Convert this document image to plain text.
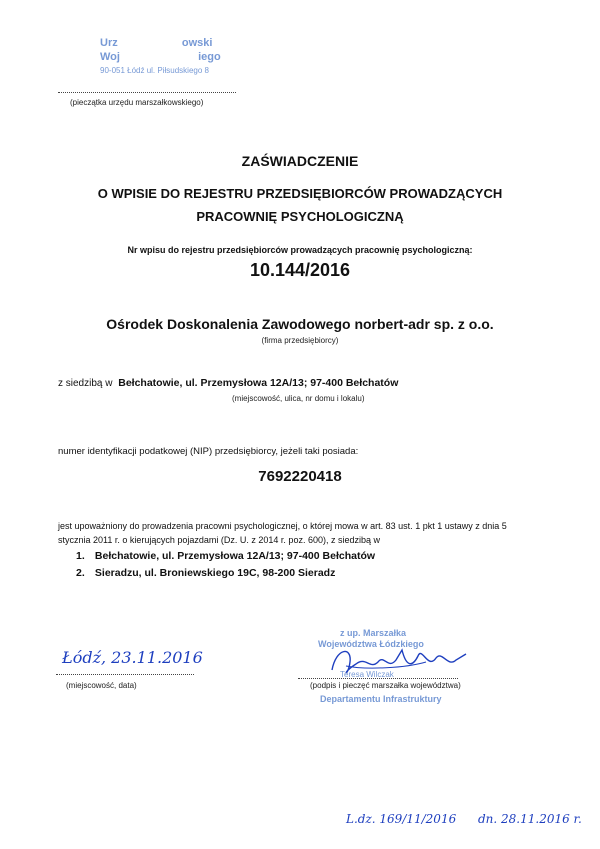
Urz	owski
Woj	iego
90-051 Łódź ul. Piłsudskiego 8
(pieczątka urzędu marszałkowskiego)
ZAŚWIADCZENIE
O WPISIE DO REJESTRU PRZEDSIĘBIORCÓW PROWADZĄCYCH
PRACOWNIĘ PSYCHOLOGICZNĄ
Nr wpisu do rejestru przedsiębiorców prowadzących pracownię psychologiczną:
10.144/2016
Ośrodek Doskonalenia Zawodowego norbert-adr sp. z o.o.
(firma przedsiębiorcy)
z siedzibą w Bełchatowie, ul. Przemysłowa 12A/13; 97-400 Bełchatów
(miejscowość, ulica, nr domu i lokalu)
numer identyfikacji podatkowej (NIP) przedsiębiorcy, jeżeli taki posiada:
7692220418
jest upoważniony do prowadzenia pracowni psychologicznej, o której mowa w art. 83 ust. 1 pkt 1 ustawy z dnia 5
stycznia 2011 r. o kierujących pojazdami (Dz. U. z 2014 r. poz. 600), z siedzibą w
1. Bełchatowie, ul. Przemysłowa 12A/13; 97-400 Bełchatów
2. Sieradzu, ul. Broniewskiego 19C, 98-200 Sieradz
Łódź, 23.11.2016
(miejscowość, data)
z up. Marszałka
Województwa Łódzkiego
Teresa Wilczak
(podpis i pieczęć marszałka województwa)
Departamentu Infrastruktury
L.dz. 169/11/2016 dn. 28.11.2016 r.
